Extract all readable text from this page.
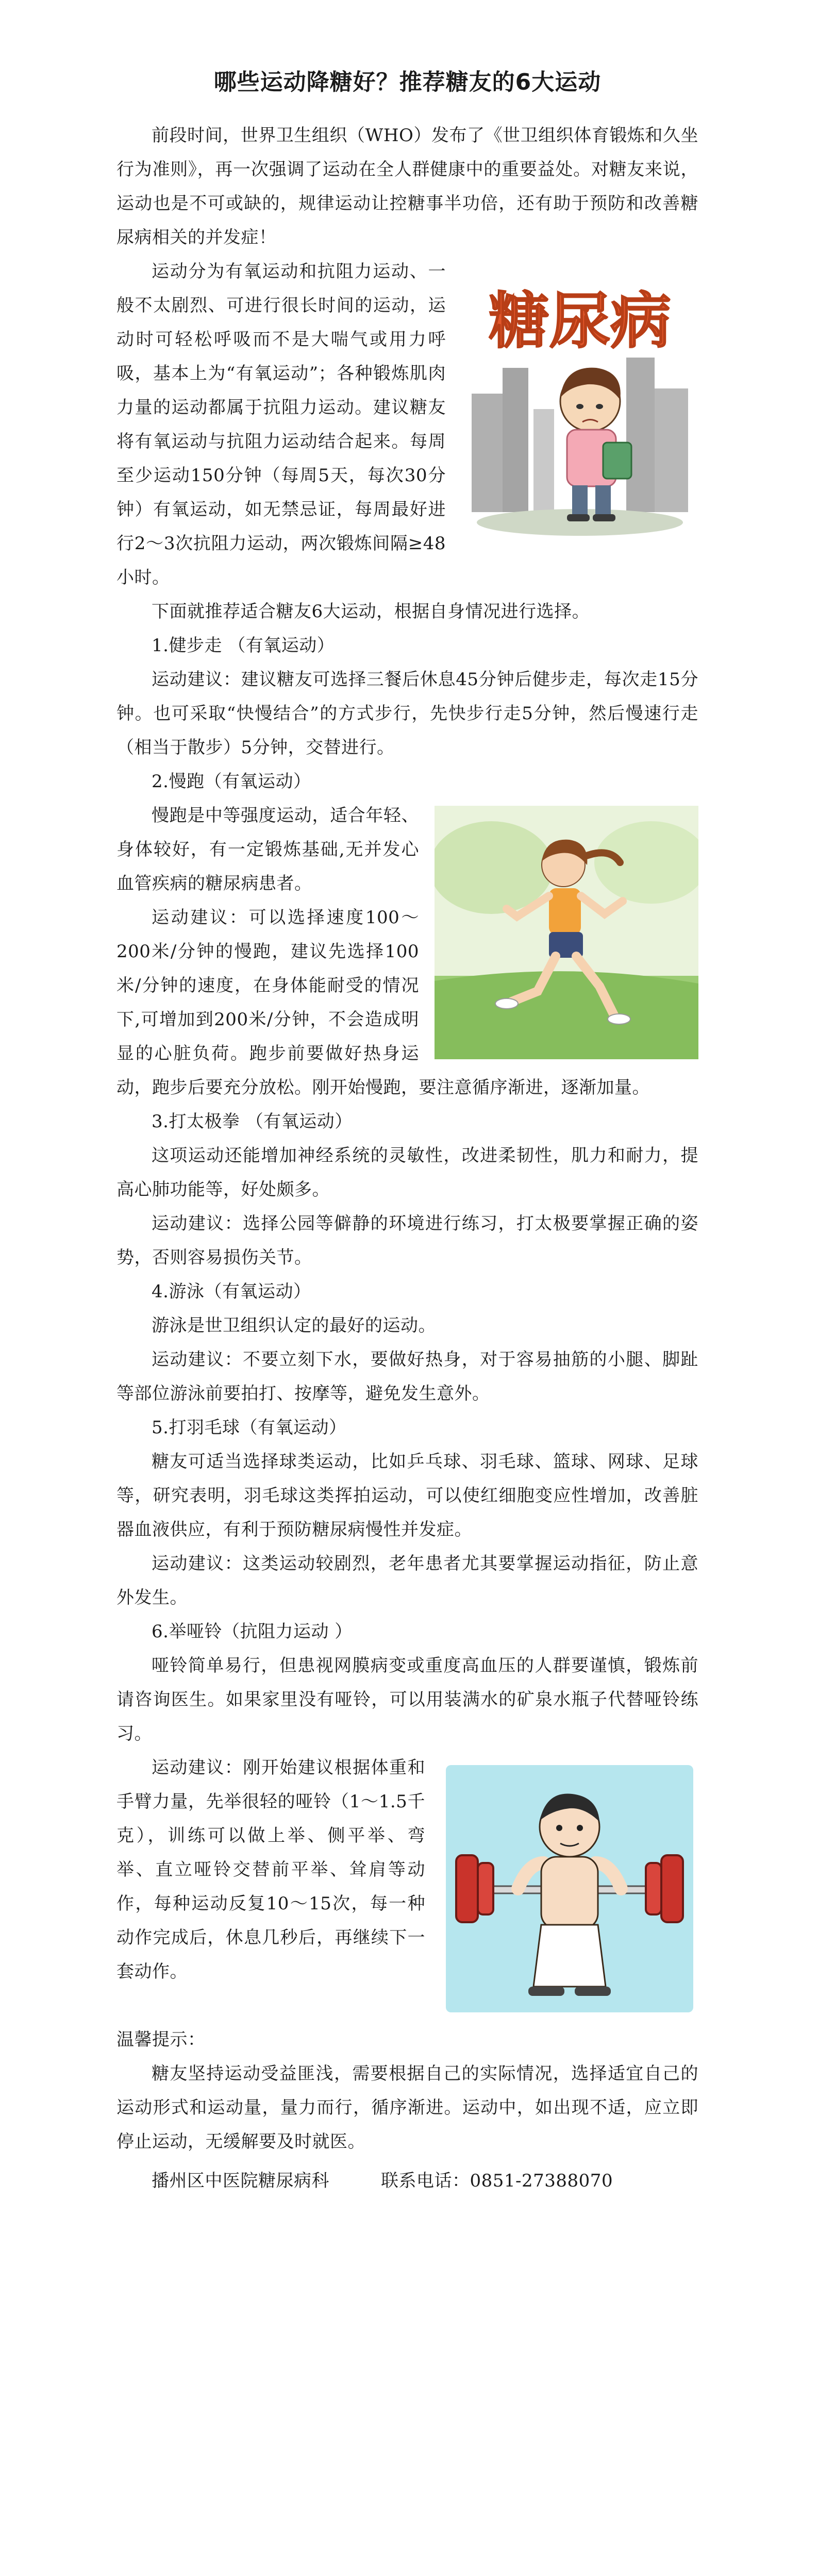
哪些运动降糖好？推荐糖友的6大运动

前段时间，世界卫生组织（WHO）发布了《世卫组织体育锻炼和久坐行为准则》，再一次强调了运动在全人群健康中的重要益处。对糖友来说，运动也是不可或缺的，规律运动让控糖事半功倍，还有助于预防和改善糖尿病相关的并发症！

糖尿病

运动分为有氧运动和抗阻力运动、一般不太剧烈、可进行很长时间的运动，运动时可轻松呼吸而不是大喘气或用力呼吸，基本上为“有氧运动”；各种锻炼肌肉力量的运动都属于抗阻力运动。建议糖友将有氧运动与抗阻力运动结合起来。每周至少运动150分钟（每周5天，每次30分钟）有氧运动，如无禁忌证，每周最好进行2～3次抗阻力运动，两次锻炼间隔≥48小时。

下面就推荐适合糖友6大运动，根据自身情况进行选择。

1.健步走 （有氧运动）

运动建议：建议糖友可选择三餐后休息45分钟后健步走，每次走15分钟。也可采取“快慢结合”的方式步行，先快步行走5分钟，然后慢速行走（相当于散步）5分钟，交替进行。

2.慢跑（有氧运动）

慢跑是中等强度运动，适合年轻、身体较好，有一定锻炼基础,无并发心血管疾病的糖尿病患者。

运动建议：可以选择速度100～200米/分钟的慢跑，建议先选择100米/分钟的速度，在身体能耐受的情况下,可增加到200米/分钟，不会造成明显的心脏负荷。跑步前要做好热身运动，跑步后要充分放松。刚开始慢跑，要注意循序渐进，逐渐加量。

3.打太极拳 （有氧运动）

这项运动还能增加神经系统的灵敏性，改进柔韧性，肌力和耐力，提高心肺功能等，好处颇多。

运动建议：选择公园等僻静的环境进行练习，打太极要掌握正确的姿势，否则容易损伤关节。

4.游泳（有氧运动）

游泳是世卫组织认定的最好的运动。

运动建议：不要立刻下水，要做好热身，对于容易抽筋的小腿、脚趾等部位游泳前要拍打、按摩等，避免发生意外。

5.打羽毛球（有氧运动）

糖友可适当选择球类运动，比如乒乓球、羽毛球、篮球、网球、足球等，研究表明，羽毛球这类挥拍运动，可以使红细胞变应性增加，改善脏器血液供应，有利于预防糖尿病慢性并发症。

运动建议：这类运动较剧烈，老年患者尤其要掌握运动指征，防止意外发生。

6.举哑铃（抗阻力运动 ）

哑铃简单易行，但患视网膜病变或重度高血压的人群要谨慎，锻炼前请咨询医生。如果家里没有哑铃，可以用装满水的矿泉水瓶子代替哑铃练习。

运动建议：刚开始建议根据体重和手臂力量，先举很轻的哑铃（1～1.5千克），训练可以做上举、侧平举、弯举、直立哑铃交替前平举、耸肩等动作，每种运动反复10～15次，每一种动作完成后，休息几秒后，再继续下一套动作。

温馨提示：

糖友坚持运动受益匪浅，需要根据自己的实际情况，选择适宜自己的运动形式和运动量，量力而行，循序渐进。运动中，如出现不适，应立即停止运动，无缓解要及时就医。

播州区中医院糖尿病科	联系电话：0851-27388070
